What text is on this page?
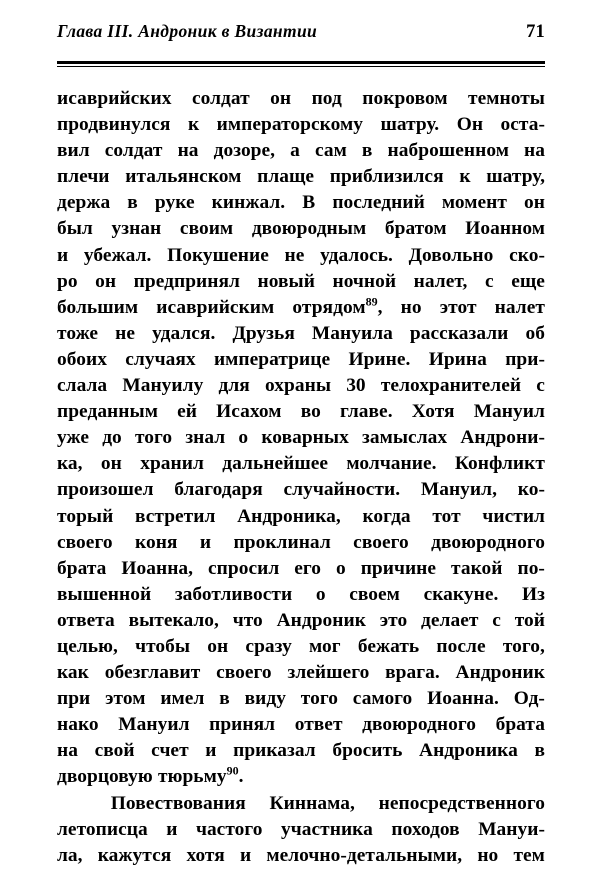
Глава III. Андроник в Византии	71
исаврийских солдат он под покровом темноты
продвинулся к императорскому шатру. Он оста-
вил солдат на дозоре, а сам в наброшенном на
плечи итальянском плаще приблизился к шатру,
держа в руке кинжал. В последний момент он
был узнан своим двоюродным братом Иоанном
и убежал. Покушение не удалось. Довольно ско-
ро он предпринял новый ночной налет, с еще
большим исаврийским отрядом$^{89}$, но этот налет
тоже не удался. Друзья Мануила рассказали об
обоих случаях императрице Ирине. Ирина при-
слала Мануилу для охраны 30 телохранителей с
преданным ей Исахом во главе. Хотя Мануил
уже до того знал о коварных замыслах Андрони-
ка, он хранил дальнейшее молчание. Конфликт
произошел благодаря случайности. Мануил, ко-
торый встретил Андроника, когда тот чистил
своего коня и проклинал своего двоюродного
брата Иоанна, спросил его о причине такой по-
вышенной заботливости о своем скакуне. Из
ответа вытекало, что Андроник это делает с той
целью, чтобы он сразу мог бежать после того,
как обезглавит своего злейшего врага. Андроник
при этом имел в виду того самого Иоанна. Од-
нако Мануил принял ответ двоюродного брата
на свой счет и приказал бросить Андроника в
дворцовую тюрьму$^{90}$.
Повествования Киннама, непосредственного
летописца и частого участника походов Мануи-
ла, кажутся хотя и мелочно-детальными, но тем
